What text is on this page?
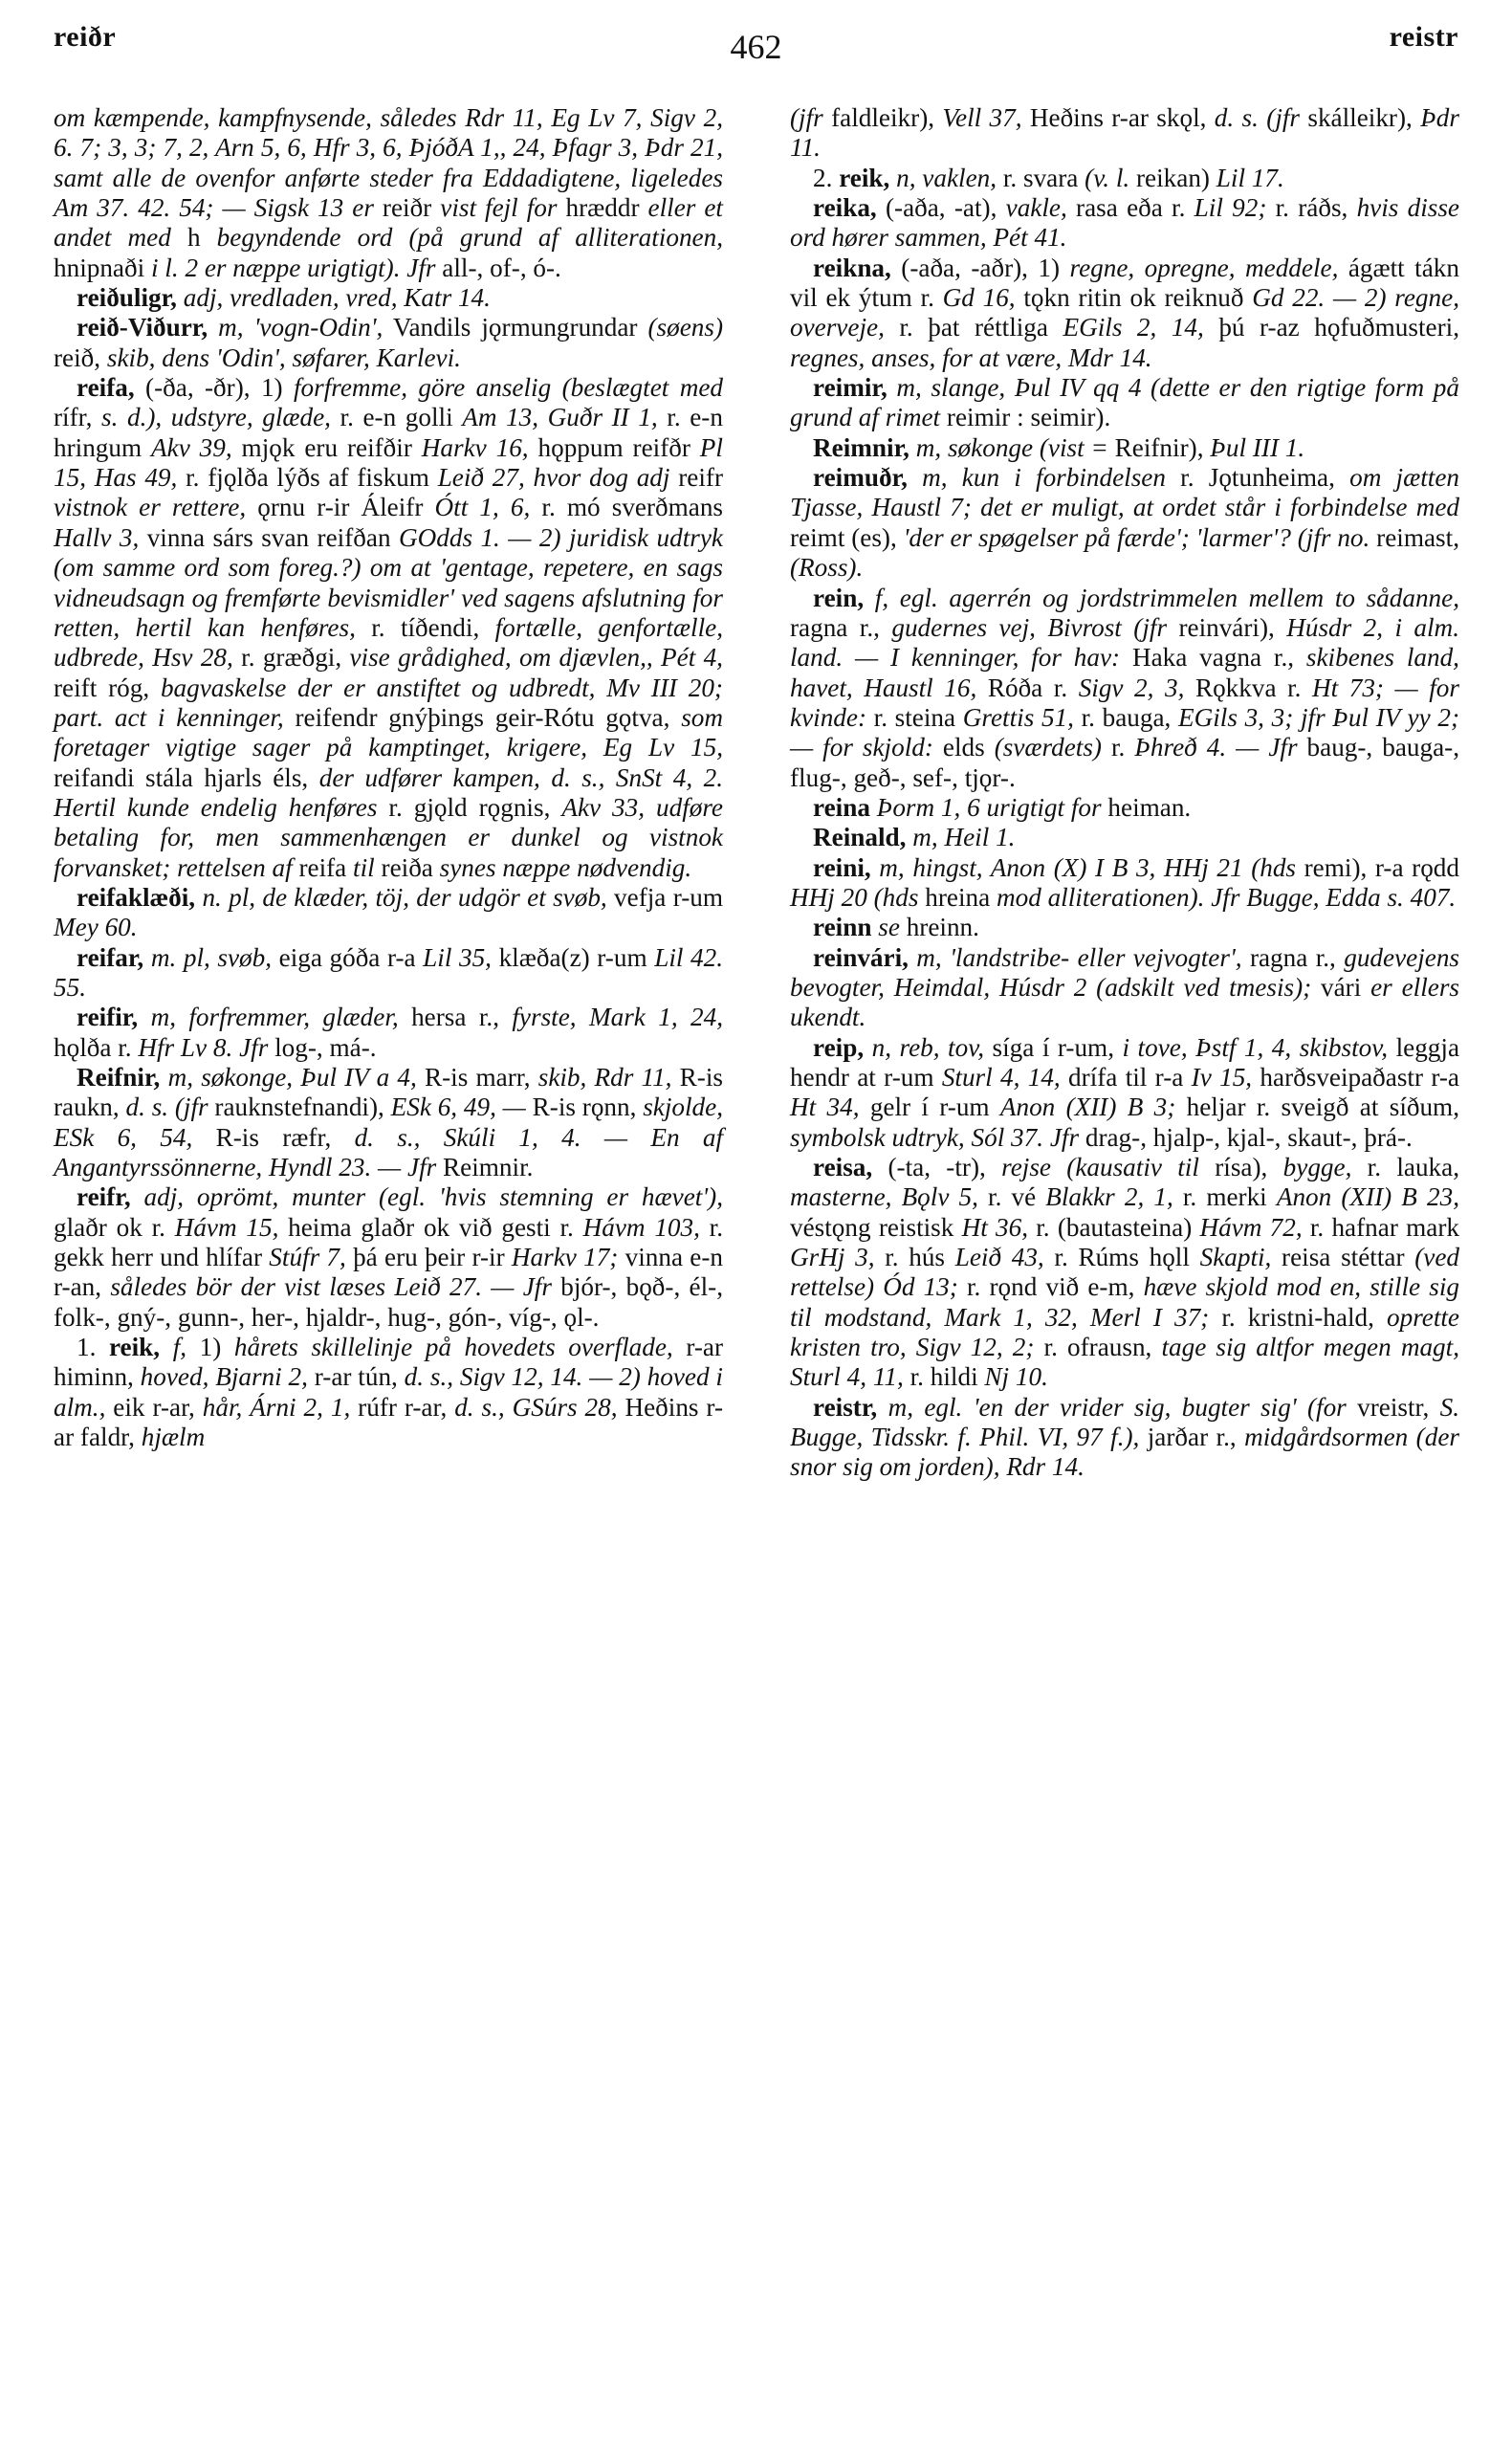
reiðr	462	reistr

om kæmpende, kampfnysende, således Rdr 11, Eg Lv 7, Sigv 2, 6. 7; 3, 3; 7, 2, Arn 5, 6, Hfr 3, 6, ÞjóðA 1,, 24, Þfagr 3, Þdr 21, samt alle de ovenfor anførte steder fra Eddadigtene, ligeledes Am 37. 42. 54; — Sigsk 13 er reiðr vist fejl for hræddr eller et andet med h begyndende ord (på grund af alliterationen, hnipnaði i l. 2 er næppe urigtigt). Jfr all-, of-, ó-.

reiðuligr, adj, vredladen, vred, Katr 14.

reið-Viðurr, m, 'vogn-Odin', Vandils jǫrmungrundar (søens) reið, skib, dens 'Odin', søfarer, Karlevi.

reifa, (-ða, -ðr), 1) forfremme, göre anselig (beslægtet med rífr, s. d.), udstyre, glæde, r. e-n golli Am 13, Guðr II 1, r. e-n hringum Akv 39, mjǫk eru reifðir Harkv 16, hǫppum reifðr Pl 15, Has 49, r. fjǫlða lýðs af fiskum Leið 27, hvor dog adj reifr vistnok er rettere, ǫrnu r-ir Áleifr Ótt 1, 6, r. mó sverðmans Hallv 3, vinna sárs svan reifðan GOdds 1. — 2) juridisk udtryk (om samme ord som foreg.?) om at 'gentage, repetere, en sags vidneudsagn og fremførte bevismidler' ved sagens afslutning for retten, hertil kan henføres, r. tíðendi, fortælle, genfortælle, udbrede, Hsv 28, r. græðgi, vise grådighed, om djævlen,, Pét 4, reift róg, bagvaskelse der er anstiftet og udbredt, Mv III 20; part. act i kenninger, reifendr gnýþings geir-Rótu gǫtva, som foretager vigtige sager på kamptinget, krigere, Eg Lv 15, reifandi stála hjarls éls, der udfører kampen, d. s., SnSt 4, 2. Hertil kunde endelig henføres r. gjǫld rǫgnis, Akv 33, udføre betaling for, men sammenhængen er dunkel og vistnok forvansket; rettelsen af reifa til reiða synes næppe nødvendig.

reifaklæði, n. pl, de klæder, töj, der udgör et svøb, vefja r-um Mey 60.

reifar, m. pl, svøb, eiga góða r-a Lil 35, klæða(z) r-um Lil 42. 55.

reifir, m, forfremmer, glæder, hersa r., fyrste, Mark 1, 24, hǫlða r. Hfr Lv 8. Jfr log-, má-.

Reifnir, m, søkonge, Þul IV a 4, R-is marr, skib, Rdr 11, R-is raukn, d. s. (jfr rauknstefnandi), ESk 6, 49, — R-is rǫnn, skjolde, ESk 6, 54, R-is ræfr, d. s., Skúli 1, 4. — En af Angantyrssönnerne, Hyndl 23. — Jfr Reimnir.

reifr, adj, oprömt, munter (egl. 'hvis stemning er hævet'), glaðr ok r. Hávm 15, heima glaðr ok við gesti r. Hávm 103, r. gekk herr und hlífar Stúfr 7, þá eru þeir r-ir Harkv 17; vinna e-n r-an, således bör der vist læses Leið 27. — Jfr bjór-, bǫð-, él-, folk-, gný-, gunn-, her-, hjaldr-, hug-, gón-, víg-, ǫl-.

1. reik, f, 1) hårets skillelinje på hovedets overflade, r-ar himinn, hoved, Bjarni 2, r-ar tún, d. s., Sigv 12, 14. — 2) hoved i alm., eik r-ar, hår, Árni 2, 1, rúfr r-ar, d. s., GSúrs 28, Heðins r-ar faldr, hjælm

(jfr faldleikr), Vell 37, Heðins r-ar skǫl, d. s. (jfr skálleikr), Þdr 11.

2. reik, n, vaklen, r. svara (v. l. reikan) Lil 17.

reika, (-aða, -at), vakle, rasa eða r. Lil 92; r. ráðs, hvis disse ord hører sammen, Pét 41.

reikna, (-aða, -aðr), 1) regne, opregne, meddele, ágætt tákn vil ek ýtum r. Gd 16, tǫkn ritin ok reiknuð Gd 22. — 2) regne, overveje, r. þat réttliga EGils 2, 14, þú r-az hǫfuðmusteri, regnes, anses, for at være, Mdr 14.

reimir, m, slange, Þul IV qq 4 (dette er den rigtige form på grund af rimet reimir : seimir).

Reimnir, m, søkonge (vist = Reifnir), Þul III 1.

reimuðr, m, kun i forbindelsen r. Jǫtunheima, om jætten Tjasse, Haustl 7; det er muligt, at ordet står i forbindelse med reimt (es), 'der er spøgelser på færde'; 'larmer'? (jfr no. reimast, (Ross).

rein, f, egl. agerrén og jordstrimmelen mellem to sådanne, ragna r., gudernes vej, Bivrost (jfr reinvári), Húsdr 2, i alm. land. — I kenninger, for hav: Haka vagna r., skibenes land, havet, Haustl 16, Róða r. Sigv 2, 3, Rǫkkva r. Ht 73; — for kvinde: r. steina Grettis 51, r. bauga, EGils 3, 3; jfr Þul IV yy 2; — for skjold: elds (sværdets) r. Þhreð 4. — Jfr baug-, bauga-, flug-, geð-, sef-, tjǫr-.

reina Þorm 1, 6 urigtigt for heiman.

Reinald, m, Heil 1.

reini, m, hingst, Anon (X) I B 3, HHj 21 (hds remi), r-a rǫdd HHj 20 (hds hreina mod alliterationen). Jfr Bugge, Edda s. 407.

reinn se hreinn.

reinvári, m, 'landstribe- eller vejvogter', ragna r., gudevejens bevogter, Heimdal, Húsdr 2 (adskilt ved tmesis); vári er ellers ukendt.

reip, n, reb, tov, síga í r-um, i tove, Þstf 1, 4, skibstov, leggja hendr at r-um Sturl 4, 14, drífa til r-a Iv 15, harðsveipaðastr r-a Ht 34, gelr í r-um Anon (XII) B 3; heljar r. sveigð at síðum, symbolsk udtryk, Sól 37. Jfr drag-, hjalp-, kjal-, skaut-, þrá-.

reisa, (-ta, -tr), rejse (kausativ til rísa), bygge, r. lauka, masterne, Bǫlv 5, r. vé Blakkr 2, 1, r. merki Anon (XII) B 23, véstǫng reistisk Ht 36, r. (bautasteina) Hávm 72, r. hafnar mark GrHj 3, r. hús Leið 43, r. Rúms hǫll Skapti, reisa stéttar (ved rettelse) Ód 13; r. rǫnd við e-m, hæve skjold mod en, stille sig til modstand, Mark 1, 32, Merl I 37; r. kristni-hald, oprette kristen tro, Sigv 12, 2; r. ofrausn, tage sig altfor megen magt, Sturl 4, 11, r. hildi Nj 10.

reistr, m, egl. 'en der vrider sig, bugter sig' (for vreistr, S. Bugge, Tidsskr. f. Phil. VI, 97 f.), jarðar r., midgårdsormen (der snor sig om jorden), Rdr 14.
